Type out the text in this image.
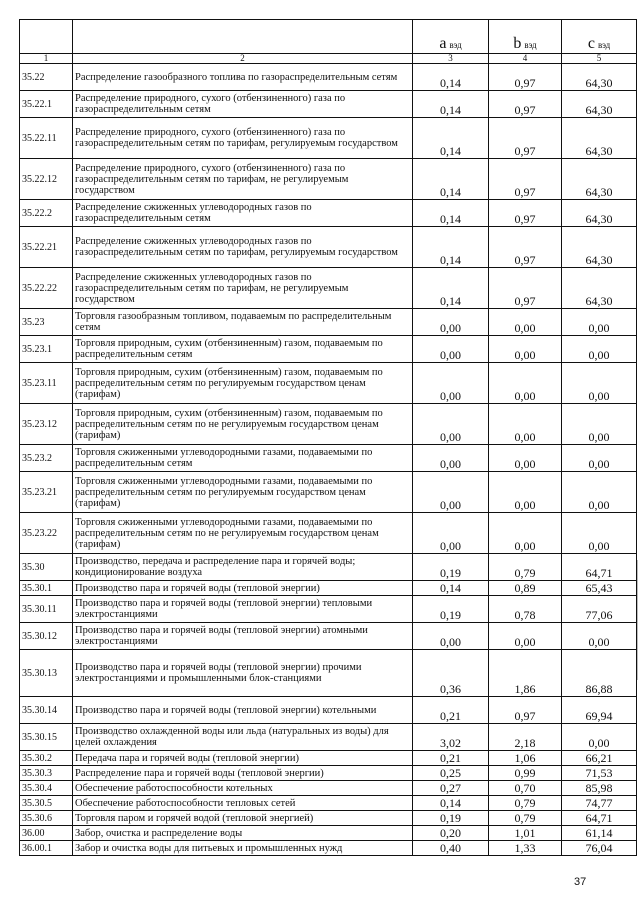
		a вэд	b вэд	c вэд
1	2	3	4	5
35.22	Распределение газообразного топлива по газораспределительным сетям	0,14	0,97	64,30
35.22.1	Распределение природного, сухого (отбензиненного) газа по газораспределительным сетям	0,14	0,97	64,30
35.22.11	Распределение природного, сухого (отбензиненного) газа по газораспределительным сетям по тарифам, регулируемым государством	0,14	0,97	64,30
35.22.12	Распределение природного, сухого (отбензиненного) газа по газораспределительным сетям по тарифам, не регулируемым государством	0,14	0,97	64,30
35.22.2	Распределение сжиженных углеводородных газов по газораспределительным сетям	0,14	0,97	64,30
35.22.21	Распределение сжиженных углеводородных газов по газораспределительным сетям по тарифам, регулируемым государством	0,14	0,97	64,30
35.22.22	Распределение сжиженных углеводородных газов по газораспределительным сетям по тарифам, не регулируемым государством	0,14	0,97	64,30
35.23	Торговля газообразным топливом, подаваемым по распределительным сетям	0,00	0,00	0,00
35.23.1	Торговля природным, сухим (отбензиненным) газом, подаваемым по распределительным сетям	0,00	0,00	0,00
35.23.11	Торговля природным, сухим (отбензиненным) газом, подаваемым по распределительным сетям по регулируемым государством ценам (тарифам)	0,00	0,00	0,00
35.23.12	Торговля природным, сухим (отбензиненным) газом, подаваемым по распределительным сетям по не регулируемым государством ценам (тарифам)	0,00	0,00	0,00
35.23.2	Торговля сжиженными углеводородными газами, подаваемыми по распределительным сетям	0,00	0,00	0,00
35.23.21	Торговля сжиженными углеводородными газами, подаваемыми по распределительным сетям по регулируемым государством ценам (тарифам)	0,00	0,00	0,00
35.23.22	Торговля сжиженными углеводородными газами, подаваемыми по распределительным сетям по не регулируемым государством ценам (тарифам)	0,00	0,00	0,00
35.30	Производство, передача и распределение пара и горячей воды; кондиционирование воздуха	0,19	0,79	64,71
35.30.1	Производство пара и горячей воды (тепловой энергии)	0,14	0,89	65,43
35.30.11	Производство пара и горячей воды (тепловой энергии) тепловыми электростанциями	0,19	0,78	77,06
35.30.12	Производство пара и горячей воды (тепловой энергии) атомными электростанциями	0,00	0,00	0,00
35.30.13	Производство пара и горячей воды (тепловой энергии) прочими электростанциями и промышленными блок-станциями	0,36	1,86	86,88
35.30.14	Производство пара и горячей воды (тепловой энергии) котельными	0,21	0,97	69,94
35.30.15	Производство охлажденной воды или льда (натуральных из воды) для целей охлаждения	3,02	2,18	0,00
35.30.2	Передача пара и горячей воды (тепловой энергии)	0,21	1,06	66,21
35.30.3	Распределение пара и горячей воды (тепловой энергии)	0,25	0,99	71,53
35.30.4	Обеспечение работоспособности котельных	0,27	0,70	85,98
35.30.5	Обеспечение работоспособности тепловых сетей	0,14	0,79	74,77
35.30.6	Торговля паром и горячей водой (тепловой энергией)	0,19	0,79	64,71
36.00	Забор, очистка и распределение воды	0,20	1,01	61,14
36.00.1	Забор и очистка воды для питьевых и промышленных нужд	0,40	1,33	76,04
37
